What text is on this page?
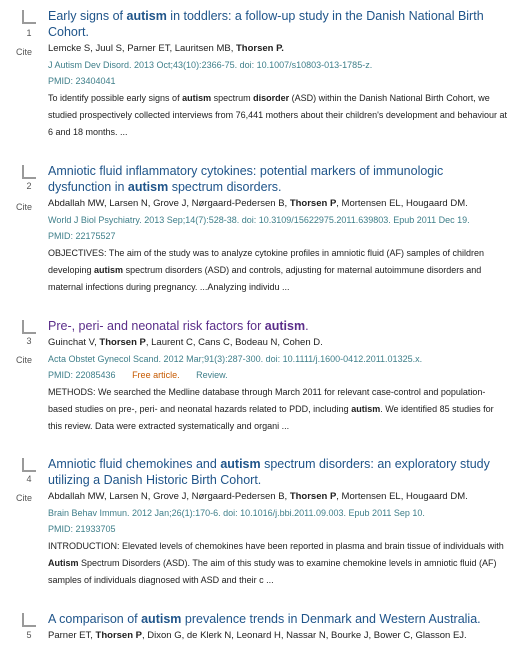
1
Cite
Early signs of autism in toddlers: a follow-up study in the Danish National Birth Cohort.
Lemcke S, Juul S, Parner ET, Lauritsen MB, Thorsen P.
J Autism Dev Disord. 2013 Oct;43(10):2366-75. doi: 10.1007/s10803-013-1785-z.
PMID: 23404041
To identify possible early signs of autism spectrum disorder (ASD) within the Danish National Birth Cohort, we studied prospectively collected interviews from 76,441 mothers about their children's development and behaviour at 6 and 18 months. ...
2
Cite
Amniotic fluid inflammatory cytokines: potential markers of immunologic dysfunction in autism spectrum disorders.
Abdallah MW, Larsen N, Grove J, Nørgaard-Pedersen B, Thorsen P, Mortensen EL, Hougaard DM.
World J Biol Psychiatry. 2013 Sep;14(7):528-38. doi: 10.3109/15622975.2011.639803. Epub 2011 Dec 19.
PMID: 22175527
OBJECTIVES: The aim of the study was to analyze cytokine profiles in amniotic fluid (AF) samples of children developing autism spectrum disorders (ASD) and controls, adjusting for maternal autoimmune disorders and maternal infections during pregnancy. ...Analyzing individu ...
3
Cite
Pre-, peri- and neonatal risk factors for autism.
Guinchat V, Thorsen P, Laurent C, Cans C, Bodeau N, Cohen D.
Acta Obstet Gynecol Scand. 2012 Mar;91(3):287-300. doi: 10.1111/j.1600-0412.2011.01325.x.
PMID: 22085436 Free article. Review.
METHODS: We searched the Medline database through March 2011 for relevant case-control and population-based studies on pre-, peri- and neonatal hazards related to PDD, including autism. We identified 85 studies for this review. Data were extracted systematically and organi ...
4
Cite
Amniotic fluid chemokines and autism spectrum disorders: an exploratory study utilizing a Danish Historic Birth Cohort.
Abdallah MW, Larsen N, Grove J, Nørgaard-Pedersen B, Thorsen P, Mortensen EL, Hougaard DM.
Brain Behav Immun. 2012 Jan;26(1):170-6. doi: 10.1016/j.bbi.2011.09.003. Epub 2011 Sep 10.
PMID: 21933705
INTRODUCTION: Elevated levels of chemokines have been reported in plasma and brain tissue of individuals with Autism Spectrum Disorders (ASD). The aim of this study was to examine chemokine levels in amniotic fluid (AF) samples of individuals diagnosed with ASD and their c ...
5
A comparison of autism prevalence trends in Denmark and Western Australia.
Parner ET, Thorsen P, Dixon G, de Klerk N, Leonard H, Nassar N, Bourke J, Bower C, Glasson EJ.
